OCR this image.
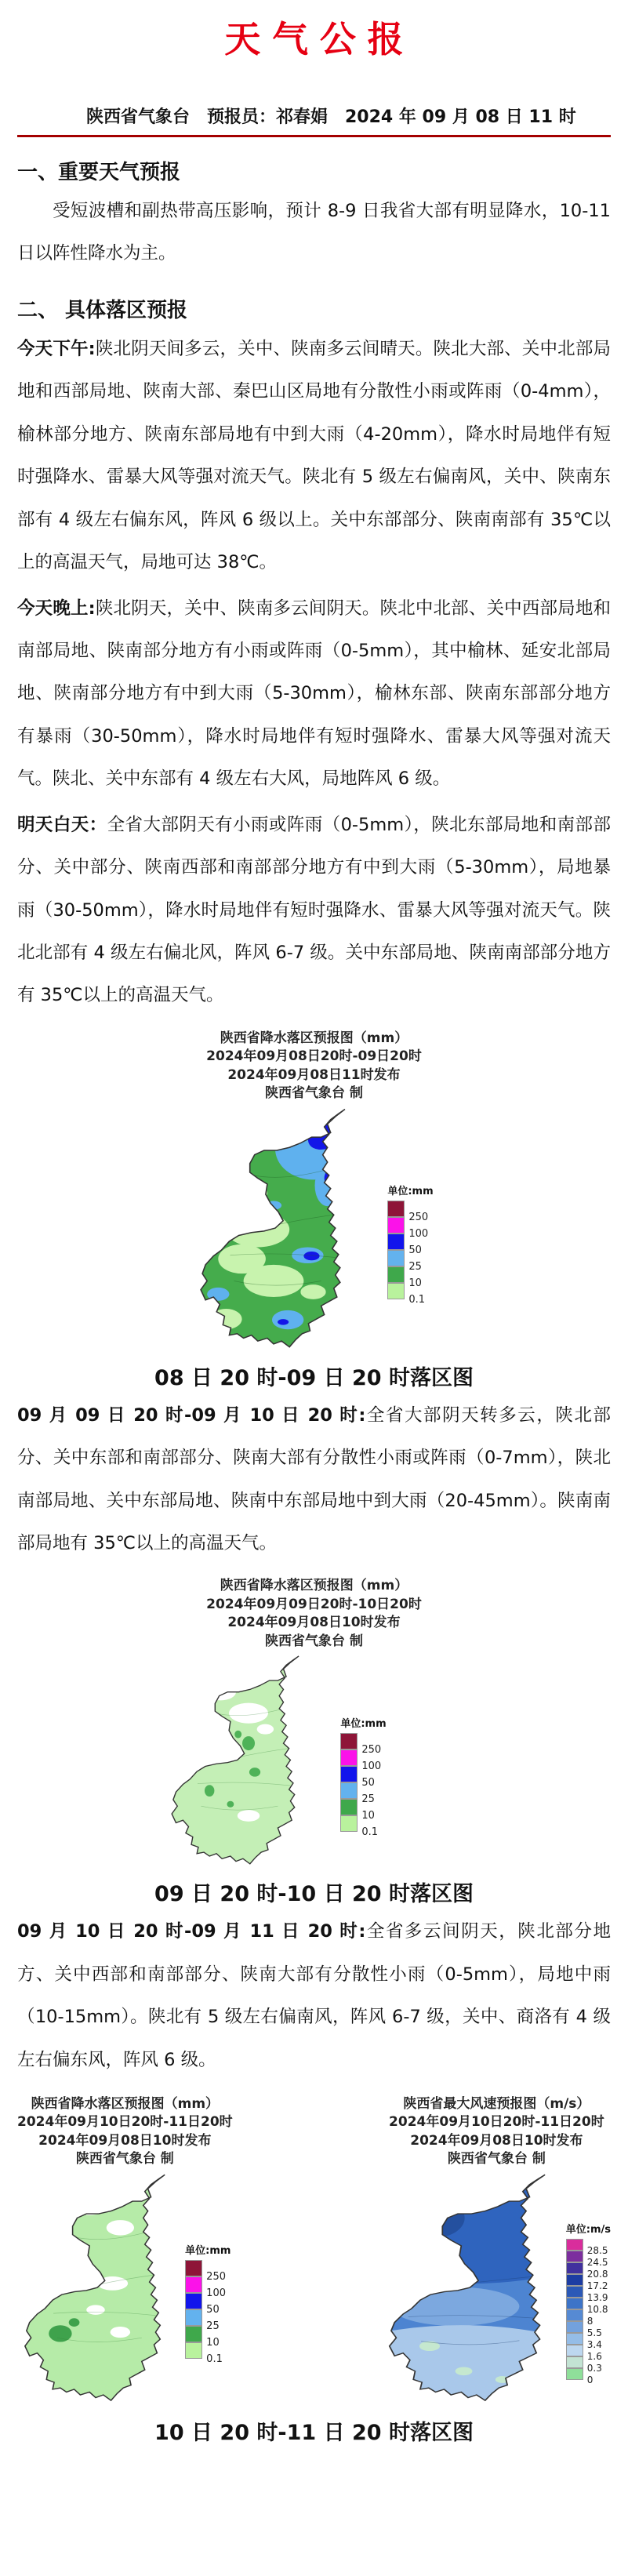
天气公报
陕西省气象台　预报员：祁春娟　2024 年 09 月 08 日 11 时
一、重要天气预报

受短波槽和副热带高压影响，预计 8-9 日我省大部有明显降水，10-11 日以阵性降水为主。

二、 具体落区预报

今天下午:陕北阴天间多云，关中、陕南多云间晴天。陕北大部、关中北部局地和西部局地、陕南大部、秦巴山区局地有分散性小雨或阵雨（0-4mm），榆林部分地方、陕南东部局地有中到大雨（4-20mm），降水时局地伴有短时强降水、雷暴大风等强对流天气。陕北有 5 级左右偏南风，关中、陕南东部有 4 级左右偏东风，阵风 6 级以上。关中东部部分、陕南南部有 35℃以上的高温天气，局地可达 38℃。

今天晚上:陕北阴天，关中、陕南多云间阴天。陕北中北部、关中西部局地和南部局地、陕南部分地方有小雨或阵雨（0-5mm），其中榆林、延安北部局地、陕南部分地方有中到大雨（5-30mm），榆林东部、陕南东部部分地方有暴雨（30-50mm），降水时局地伴有短时强降水、雷暴大风等强对流天气。陕北、关中东部有 4 级左右大风，局地阵风 6 级。

明天白天：全省大部阴天有小雨或阵雨（0-5mm），陕北东部局地和南部部分、关中部分、陕南西部和南部部分地方有中到大雨（5-30mm），局地暴雨（30-50mm），降水时局地伴有短时强降水、雷暴大风等强对流天气。陕北北部有 4 级左右偏北风，阵风 6-7 级。关中东部局地、陕南南部部分地方有 35℃以上的高温天气。

陕西省降水落区预报图（mm）
2024年09月08日20时-09日20时
2024年09月08日11时发布
陕西省气象台 制
单位:mm
250
100
50
25
10
0.1
08 日 20 时-09 日 20 时落区图

09 月 09 日 20 时-09 月 10 日 20 时:全省大部阴天转多云，陕北部分、关中东部和南部部分、陕南大部有分散性小雨或阵雨（0-7mm），陕北南部局地、关中东部局地、陕南中东部局地中到大雨（20-45mm）。陕南南部局地有 35℃以上的高温天气。

陕西省降水落区预报图（mm）
2024年09月09日20时-10日20时
2024年09月08日10时发布
陕西省气象台 制
单位:mm
250
100
50
25
10
0.1
09 日 20 时-10 日 20 时落区图

09 月 10 日 20 时-09 月 11 日 20 时:全省多云间阴天，陕北部分地方、关中西部和南部部分、陕南大部有分散性小雨（0-5mm），局地中雨（10-15mm）。陕北有 5 级左右偏南风，阵风 6-7 级，关中、商洛有 4 级左右偏东风，阵风 6 级。

陕西省降水落区预报图（mm）
2024年09月10日20时-11日20时
2024年09月08日10时发布
陕西省气象台 制
单位:mm
250
100
50
25
10
0.1
陕西省最大风速预报图（m/s）
2024年09月10日20时-11日20时
2024年09月08日10时发布
陕西省气象台 制
单位:m/s
28.5
24.5
20.8
17.2
13.9
10.8
8
5.5
3.4
1.6
0.3
0
10 日 20 时-11 日 20 时落区图
